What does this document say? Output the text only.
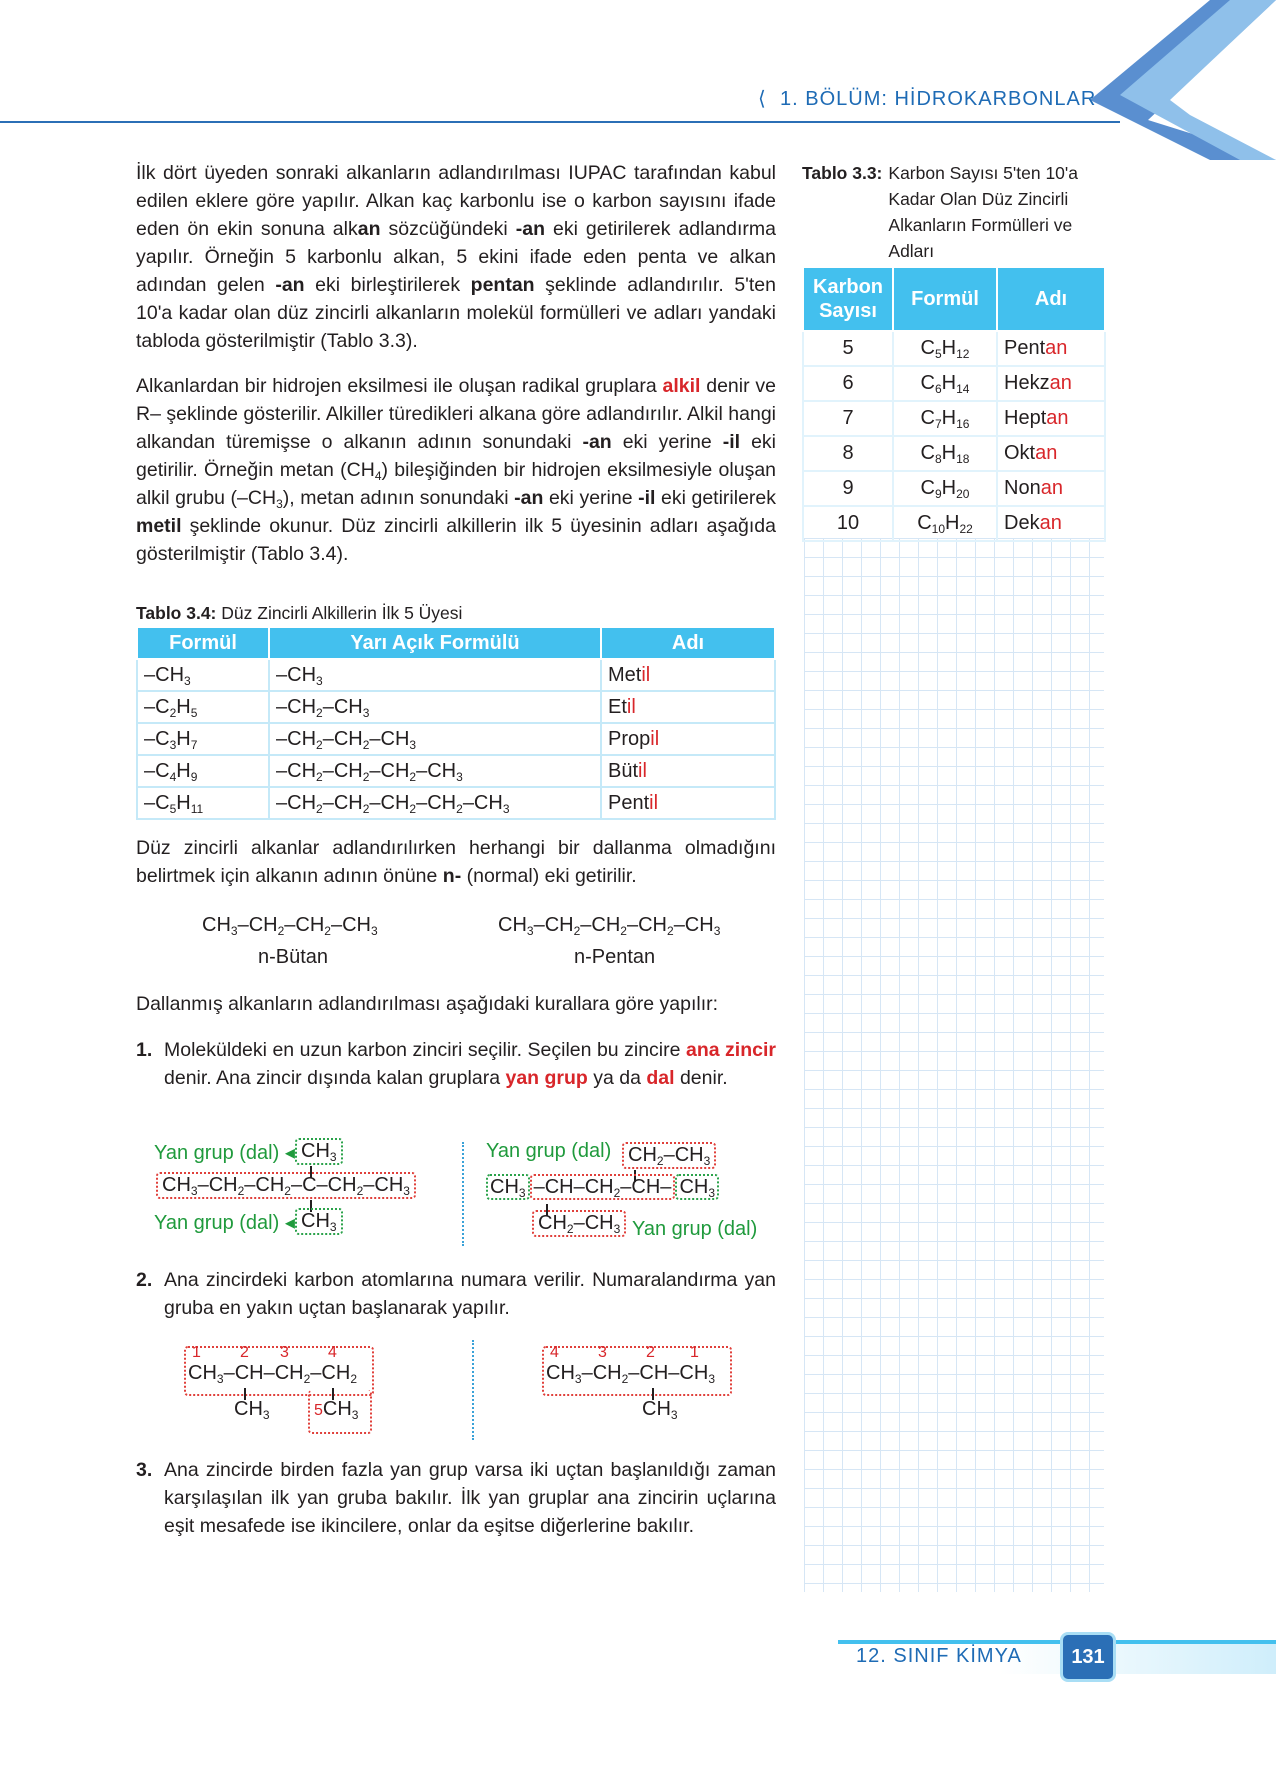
⟨ 1. BÖLÜM: HİDROKARBONLAR
İlk dört üyeden sonraki alkanların adlandırılması IUPAC tarafından kabul edilen eklere göre yapılır. Alkan kaç karbonlu ise o karbon sayısını ifade eden ön ekin sonuna alkan sözcüğündeki -an eki getirilerek adlandırma yapılır. Örneğin 5 karbonlu alkan, 5 ekini ifade eden penta ve alkan adından gelen -an eki birleştirilerek pentan şeklinde adlandırılır. 5'ten 10'a kadar olan düz zincirli alkanların molekül formülleri ve adları yandaki tabloda gösterilmiştir (Tablo 3.3).
Alkanlardan bir hidrojen eksilmesi ile oluşan radikal gruplara alkil denir ve R– şeklinde gösterilir. Alkiller türedikleri alkana göre adlandırılır. Alkil hangi alkandan türemişse o alkanın adının sonundaki -an eki yerine -il eki getirilir. Örneğin metan $(CH_4)$ bileşiğinden bir hidrojen eksilmesiyle oluşan alkil grubu $(-CH_3)$, metan adının sonundaki -an eki yerine -il eki getirilerek metil şeklinde okunur. Düz zincirli alkillerin ilk 5 üyesinin adları aşağıda gösterilmiştir (Tablo 3.4).
Tablo 3.3: Karbon Sayısı 5'ten 10'a Kadar Olan Düz Zincirli Alkanların Formülleri ve Adları
Karbon Sayısı	Formül	Adı
5	$C_5H_{12}$	Pentan
6	$C_6H_{14}$	Hekzan
7	$C_7H_{16}$	Heptan
8	$C_8H_{18}$	Oktan
9	$C_9H_{20}$	Nonan
10	$C_{10}H_{22}$	Dekan
Tablo 3.4: Düz Zincirli Alkillerin İlk 5 Üyesi
Formül	Yarı Açık Formülü	Adı
$-CH_3$	$-CH_3$	Metil
$-C_2H_5$	$-CH_2-CH_3$	Etil
$-C_3H_7$	$-CH_2-CH_2-CH_3$	Propil
$-C_4H_9$	$-CH_2-CH_2-CH_2-CH_3$	Bütil
$-C_5H_{11}$	$-CH_2-CH_2-CH_2-CH_2-CH_3$	Pentil
Düz zincirli alkanlar adlandırılırken herhangi bir dallanma olmadığını belirtmek için alkanın adının önüne n- (normal) eki getirilir.
$CH_3-CH_2-CH_2-CH_3$
n-Bütan
$CH_3-CH_2-CH_2-CH_2-CH_3$
n-Pentan
Dallanmış alkanların adlandırılması aşağıdaki kurallara göre yapılır:
1. Moleküldeki en uzun karbon zinciri seçilir. Seçilen bu zincire ana zincir denir. Ana zincir dışında kalan gruplara yan grup ya da dal denir.
Yan grup (dal) ◂ $CH_3$
$CH_3-CH_2-CH_2-C-CH_2-CH_3$
Yan grup (dal) ◂ $CH_3$
Yan grup (dal) $CH_2-CH_3$
$CH_3$ $-CH-CH_2-CH-$ $CH_3$
$CH_2-CH_3$ Yan grup (dal)
2. Ana zincirdeki karbon atomlarına numara verilir. Numaralandırma yan gruba en yakın uçtan başlanarak yapılır.
1 2 3 4
$CH_3-CH-CH_2-CH_2$
$CH_3$	$5CH_3$
4 3 2 1
$CH_3-CH_2-CH-CH_3$
$CH_3$
3. Ana zincirde birden fazla yan grup varsa iki uçtan başlanıldığı zaman karşılaşılan ilk yan gruba bakılır. İlk yan gruplar ana zincirin uçlarına eşit mesafede ise ikincilere, onlar da eşitse diğerlerine bakılır.
12. SINIF KİMYA	131
